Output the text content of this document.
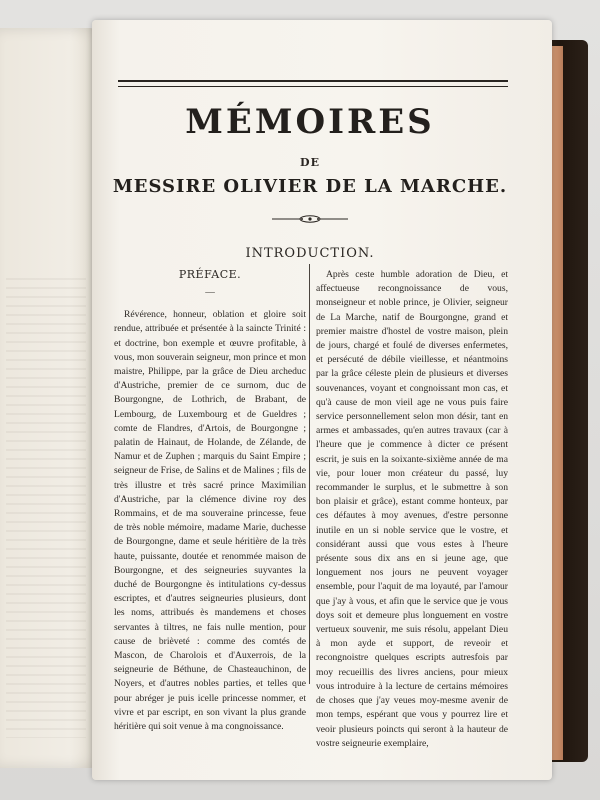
MÉMOIRES
DE
MESSIRE OLIVIER DE LA MARCHE.
INTRODUCTION.
PRÉFACE.
—

Révérence, honneur, oblation et gloire soit rendue, attribuée et présentée à la saincte Trinité : et doctrine, bon exemple et œuvre profitable, à vous, mon souverain seigneur, mon prince et mon maistre, Philippe, par la grâce de Dieu archeduc d'Austriche, premier de ce surnom, duc de Bourgongne, de Lothrich, de Brabant, de Lembourg, de Luxembourg et de Gueldres ; comte de Flandres, d'Artois, de Bourgongne ; palatin de Hainaut, de Holande, de Zélande, de Namur et de Zuphen ; marquis du Saint Empire ; seigneur de Frise, de Salins et de Malines ; fils de très illustre et très sacré prince Maximilian d'Austriche, par la clémence divine roy des Rommains, et de ma souveraine princesse, feue de très noble mémoire, madame Marie, duchesse de Bourgongne, dame et seule héritière de la très haute, puissante, doutée et renommée maison de Bourgongne, et des seigneuries suyvantes la duché de Bourgongne ès intitulations cy-dessus escriptes, et d'autres seigneuries plusieurs, dont les noms, attribués ès mandemens et choses servantes à tiltres, ne fais nulle mention, pour cause de brièveté : comme des comtés de Mascon, de Charolois et d'Auxerrois, de la seigneurie de Béthune, de Chasteauchinon, de Noyers, et d'autres nobles parties, et telles que pour abréger je puis icelle princesse nommer, et vivre et par escript, en son vivant la plus grande héritière qui soit venue à ma congnoissance.

Après ceste humble adoration de Dieu, et affectueuse recongnoissance de vous, monseigneur et noble prince, je Olivier, seigneur de La Marche, natif de Bourgongne, grand et premier maistre d'hostel de vostre maison, plein de jours, chargé et foulé de diverses enfermetes, et persécuté de débile vieillesse, et néantmoins par la grâce céleste plein de plusieurs et diverses souvenances, voyant et congnoissant mon cas, et qu'à cause de mon vieil age ne vous puis faire service personnellement selon mon désir, tant en armes et ambassades, qu'en autres travaux (car à l'heure que je commence à dicter ce présent escrit, je suis en la soixante-sixième année de ma vie, pour louer mon créateur du passé, luy recommander le surplus, et le submettre à son bon plaisir et grâce), estant comme honteux, par ces défautes à moy avenues, d'estre personne inutile en un si noble service que le vostre, et considérant aussi que vous estes à l'heure présente sous dix ans en si jeune age, que longuement nos jours ne peuvent voyager ensemble, pour l'aquit de ma loyauté, par l'amour que j'ay à vous, et afin que le service que je vous doys soit et demeure plus longuement en vostre vertueux souvenir, me suis résolu, appelant Dieu à mon ayde et support, de reveoir et recongnoistre quelques escripts autresfois par moy recueillis des livres anciens, pour mieux vous introduire à la lecture de certains mémoires de choses que j'ay veues moy-mesme avenir de mon temps, espérant que vous y pourrez lire et veoir plusieurs poincts qui seront à la hauteur de vostre seigneurie exemplaire,
